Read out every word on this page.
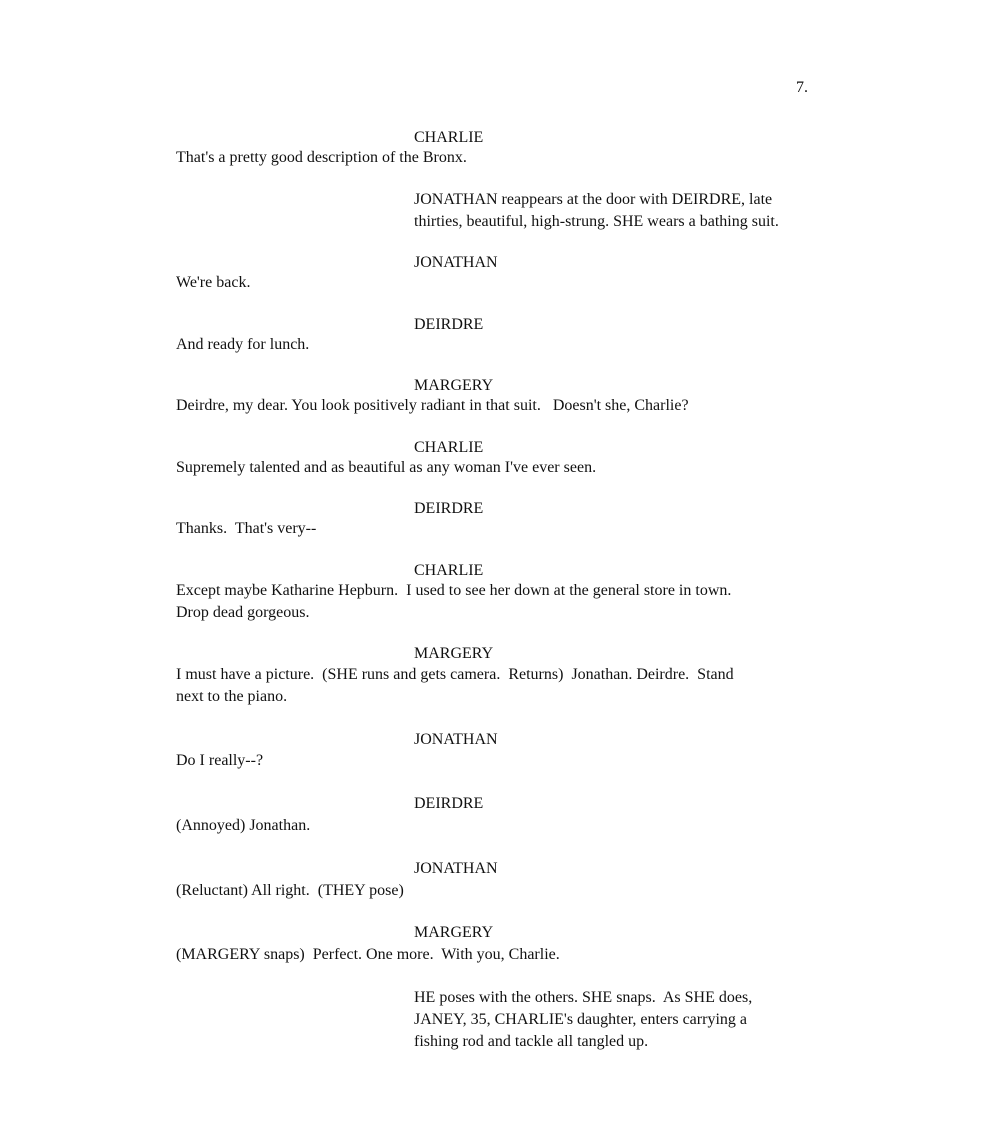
7.
CHARLIE
That's a pretty good description of the Bronx.
JONATHAN reappears at the door with DEIRDRE, late
thirties, beautiful, high-strung. SHE wears a bathing suit.
JONATHAN
We're back.
DEIRDRE
And ready for lunch.
MARGERY
Deirdre, my dear. You look positively radiant in that suit.   Doesn't she, Charlie?
CHARLIE
Supremely talented and as beautiful as any woman I've ever seen.
DEIRDRE
Thanks.  That's very--
CHARLIE
Except maybe Katharine Hepburn.  I used to see her down at the general store in town.
Drop dead gorgeous.
MARGERY
I must have a picture.  (SHE runs and gets camera.  Returns)  Jonathan. Deirdre.  Stand
next to the piano.
JONATHAN
Do I really--?
DEIRDRE
(Annoyed) Jonathan.
JONATHAN
(Reluctant) All right.  (THEY pose)
MARGERY
(MARGERY snaps)  Perfect. One more.  With you, Charlie.
HE poses with the others. SHE snaps.  As SHE does,
JANEY, 35, CHARLIE's daughter, enters carrying a
fishing rod and tackle all tangled up.
